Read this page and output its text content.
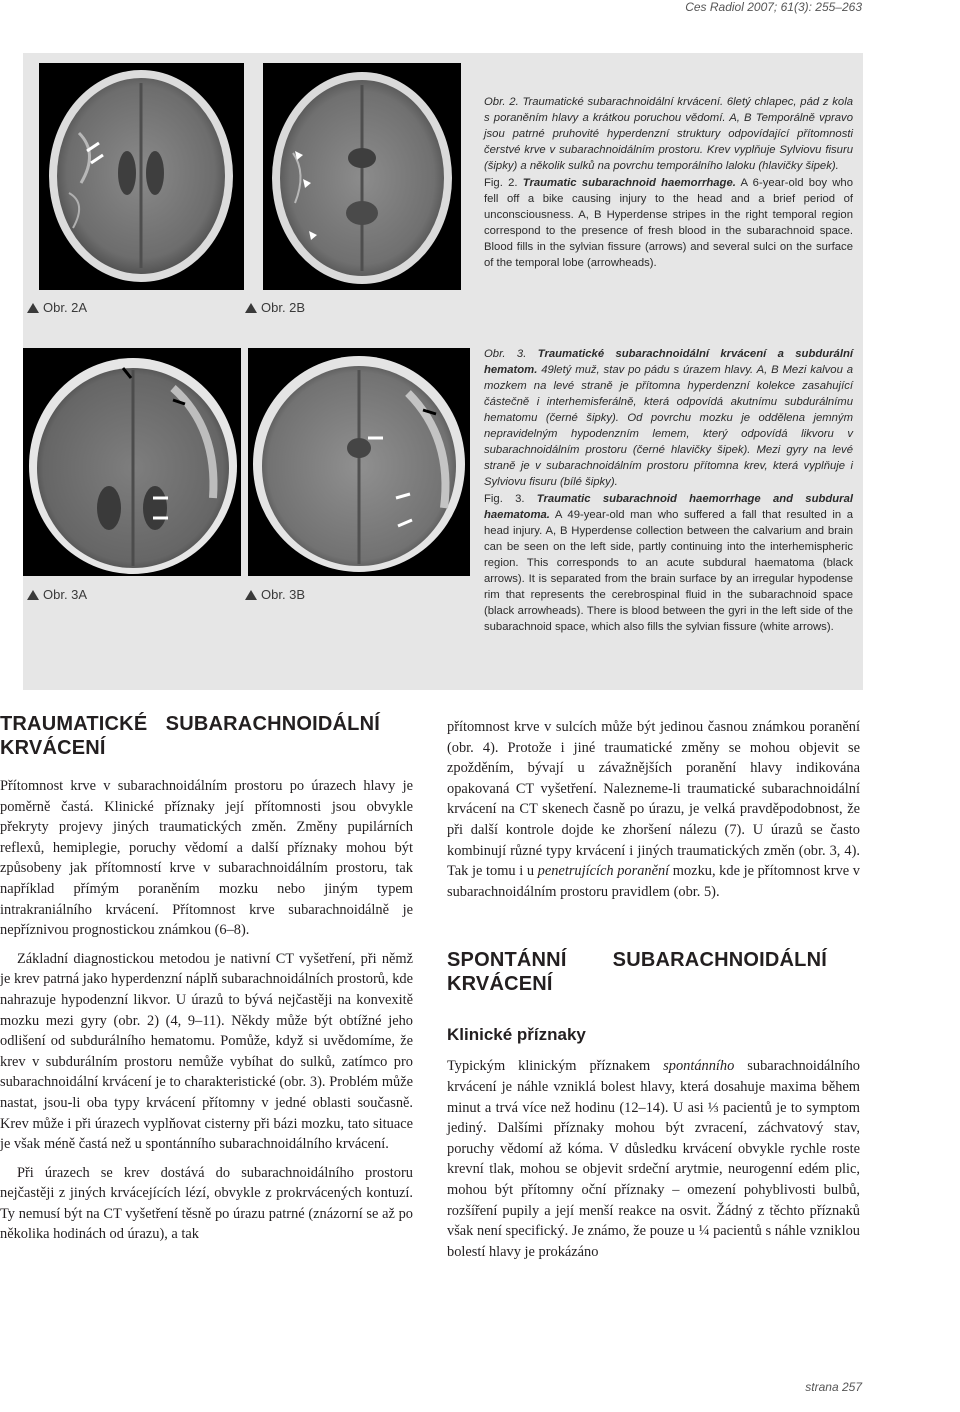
Ces Radiol 2007; 61(3): 255–263
Obr. 2A	Obr. 2B

Obr. 2. Traumatické subarachnoidální krvácení. 6letý chlapec, pád z kola s poraněním hlavy a krátkou poruchou vědomí. A, B Temporálně vpravo jsou patrné pruhovité hyperdenzní struktury odpovídající přítomnosti čerstvé krve v subarachnoidálním prostoru. Krev vyplňuje Sylviovu fisuru (šipky) a několik sulků na povrchu temporálního laloku (hlavičky šipek).

Fig. 2. Traumatic subarachnoid haemorrhage. A 6-year-old boy who fell off a bike causing injury to the head and a brief period of unconsciousness. A, B Hyperdense stripes in the right temporal region correspond to the presence of fresh blood in the subarachnoid space. Blood fills in the sylvian fissure (arrows) and several sulci on the surface of the temporal lobe (arrowheads).

Obr. 3A	Obr. 3B

Obr. 3. Traumatické subarachnoidální krvácení a subdurální hematom. 49letý muž, stav po pádu s úrazem hlavy. A, B Mezi kalvou a mozkem na levé straně je přítomna hyperdenzní kolekce zasahující částečně i interhemisferálně, která odpovídá akutnímu subdurálnímu hematomu (černé šipky). Od povrchu mozku je oddělena jemným nepravidelným hypodenzním lemem, který odpovídá likvoru v subarachnoidálním prostoru (černé hlavičky šipek). Mezi gyry na levé straně je v subarachnoidálním prostoru přítomna krev, která vyplňuje i Sylviovu fisuru (bílé šipky).

Fig. 3. Traumatic subarachnoid haemorrhage and subdural haematoma. A 49-year-old man who suffered a fall that resulted in a head injury. A, B Hyperdense collection between the calvarium and brain can be seen on the left side, partly continuing into the interhemispheric region. This corresponds to an acute subdural haematoma (black arrows). It is separated from the brain surface by an irregular hypodense rim that represents the cerebrospinal fluid in the subarachnoid space (black arrowheads). There is blood between the gyri in the left side of the subarachnoid space, which also fills the sylvian fissure (white arrows).

TRAUMATICKÉ SUBARACHNOIDÁLNÍ KRVÁCENÍ

Přítomnost krve v subarachnoidálním prostoru po úrazech hlavy je poměrně častá. Klinické příznaky její přítomnosti jsou obvykle překryty projevy jiných traumatických změn. Změny pupilárních reflexů, hemiplegie, poruchy vědomí a další příznaky mohou být způsobeny jak přítomností krve v subarachnoidálním prostoru, tak například přímým poraněním mozku nebo jiným typem intrakraniálního krvácení. Přítomnost krve subarachnoidálně je nepříznivou prognostickou známkou (6–8).

Základní diagnostickou metodou je nativní CT vyšetření, při němž je krev patrná jako hyperdenzní náplň subarachnoidálních prostorů, kde nahrazuje hypodenzní likvor. U úrazů to bývá nejčastěji na konvexitě mozku mezi gyry (obr. 2) (4, 9–11). Někdy může být obtížné jeho odlišení od subdurálního hematomu. Pomůže, když si uvědomíme, že krev v subdurálním prostoru nemůže vybíhat do sulků, zatímco pro subarachnoidální krvácení je to charakteristické (obr. 3). Problém může nastat, jsou-li oba typy krvácení přítomny v jedné oblasti současně. Krev může i při úrazech vyplňovat cisterny při bázi mozku, tato situace je však méně častá než u spontánního subarachnoidálního krvácení.

Při úrazech se krev dostává do subarachnoidálního prostoru nejčastěji z jiných krvácejících lézí, obvykle z prokrvácených kontuzí. Ty nemusí být na CT vyšetření těsně po úrazu patrné (znázorní se až po několika hodinách od úrazu), a tak

přítomnost krve v sulcích může být jedinou časnou známkou poranění (obr. 4). Protože i jiné traumatické změny se mohou objevit se zpožděním, bývají u závažnějších poranění hlavy indikována opakovaná CT vyšetření. Nalezneme-li traumatické subarachnoidální krvácení na CT skenech časně po úrazu, je velká pravděpodobnost, že při další kontrole dojde ke zhoršení nálezu (7). U úrazů se často kombinují různé typy krvácení i jiných traumatických změn (obr. 3, 4). Tak je tomu i u penetrujících poranění mozku, kde je přítomnost krve v subarachnoidálním prostoru pravidlem (obr. 5).

SPONTÁNNÍ SUBARACHNOIDÁLNÍ KRVÁCENÍ
Klinické příznaky

Typickým klinickým příznakem spontánního subarachnoidálního krvácení je náhle vzniklá bolest hlavy, která dosahuje maxima během minut a trvá více než hodinu (12–14). U asi ⅓ pacientů je to symptom jediný. Dalšími příznaky mohou být zvracení, záchvatový stav, poruchy vědomí až kóma. V důsledku krvácení obvykle rychle roste krevní tlak, mohou se objevit srdeční arytmie, neurogenní edém plic, mohou být přítomny oční příznaky – omezení pohyblivosti bulbů, rozšíření pupily a její menší reakce na osvit. Žádný z těchto příznaků však není specifický. Je známo, že pouze u ¼ pacientů s náhle vzniklou bolestí hlavy je prokázáno

strana 257
